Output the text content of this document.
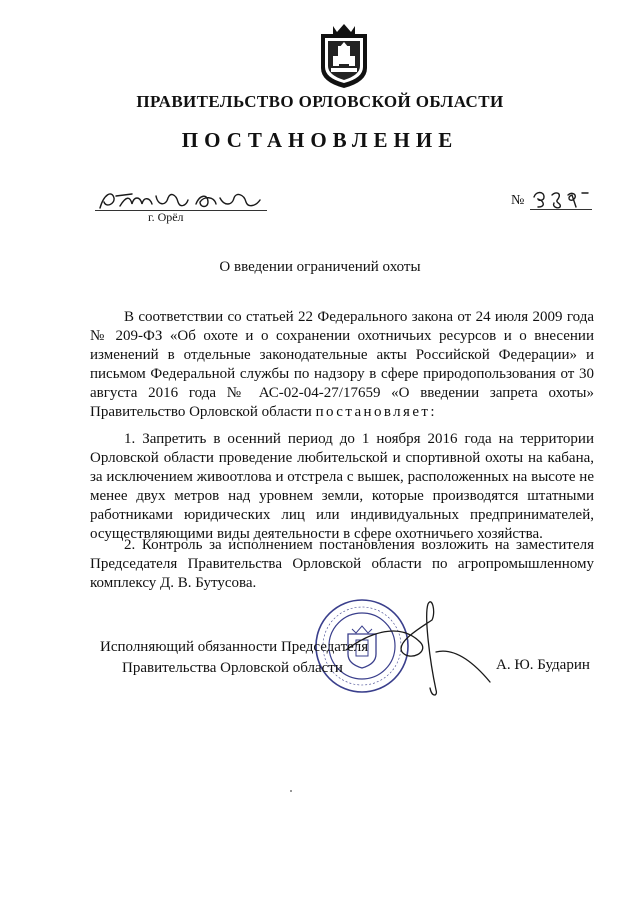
ПРАВИТЕЛЬСТВО ОРЛОВСКОЙ ОБЛАСТИ
ПОСТАНОВЛЕНИЕ
г. Орёл
№
О введении ограничений охоты
В соответствии со статьей 22 Федерального закона от 24 июля 2009 года № 209-ФЗ «Об охоте и о сохранении охотничьих ресурсов и о внесении изменений в отдельные законодательные акты Российской Федерации» и письмом Федеральной службы по надзору в сфере природопользования от 30 августа 2016 года № АС-02-04-27/17659 «О введении запрета охоты» Правительство Орловской области постановляет:
1. Запретить в осенний период до 1 ноября 2016 года на территории Орловской области проведение любительской и спортивной охоты на кабана, за исключением живоотлова и отстрела с вышек, расположенных на высоте не менее двух метров над уровнем земли, которые производятся штатными работниками юридических лиц или индивидуальных предпринимателей, осуществляющими виды деятельности в сфере охотничьего хозяйства.
2. Контроль за исполнением постановления возложить на заместителя Председателя Правительства Орловской области по агропромышленному комплексу Д. В. Бутусова.
Исполняющий обязанности Председателя
Правительства Орловской области	А. Ю. Бударин
